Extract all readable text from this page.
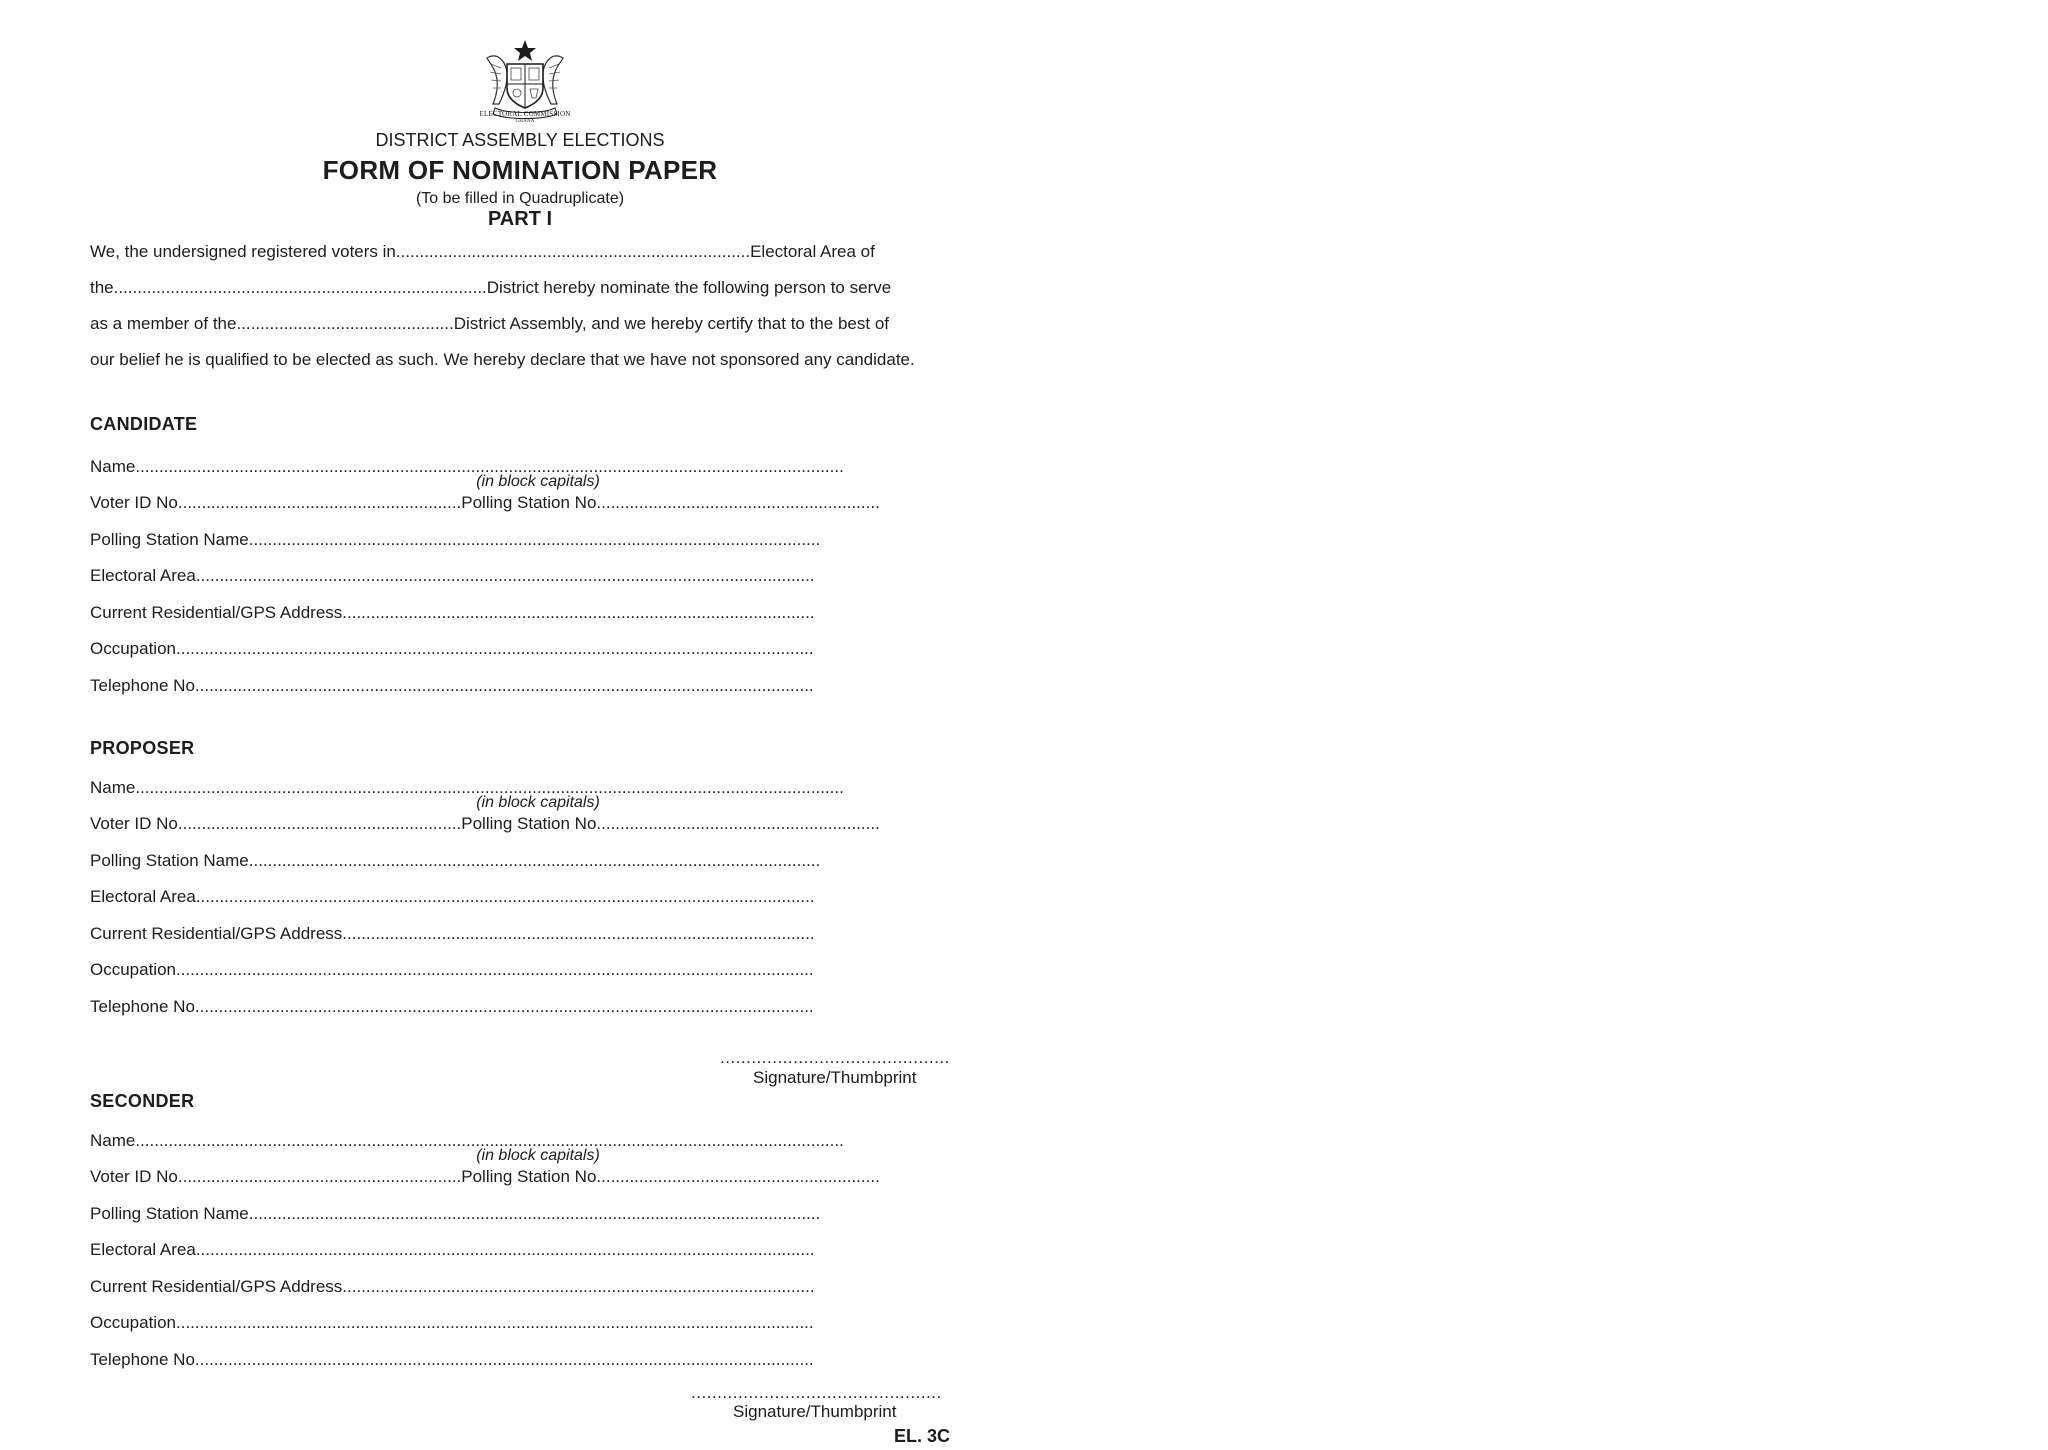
ELECTORAL COMMISSION
GHANA
DISTRICT ASSEMBLY ELECTIONS
FORM OF NOMINATION PAPER
(To be filled in Quadruplicate)
PART I
We, the undersigned registered voters in...........................................................................Electoral Area of
the...............................................................................District hereby nominate the following person to serve
as a member of the..............................................District Assembly, and we hereby certify that to the best of
our belief he is qualified to be elected as such. We hereby declare that we have not sponsored any candidate.
CANDIDATE
Name......................................................................................................................................................
(in block capitals)
Voter ID No............................................................Polling Station No............................................................
Polling Station Name.........................................................................................................................
Electoral Area...................................................................................................................................
Current Residential/GPS Address....................................................................................................
Occupation.......................................................................................................................................
Telephone No...................................................................................................................................
PROPOSER
Name......................................................................................................................................................
(in block capitals)
Voter ID No............................................................Polling Station No............................................................
Polling Station Name.........................................................................................................................
Electoral Area...................................................................................................................................
Current Residential/GPS Address....................................................................................................
Occupation.......................................................................................................................................
Telephone No...................................................................................................................................
............................................
Signature/Thumbprint
SECONDER
Name......................................................................................................................................................
(in block capitals)
Voter ID No............................................................Polling Station No............................................................
Polling Station Name.........................................................................................................................
Electoral Area...................................................................................................................................
Current Residential/GPS Address....................................................................................................
Occupation.......................................................................................................................................
Telephone No...................................................................................................................................
................................................
Signature/Thumbprint
EL. 3C
